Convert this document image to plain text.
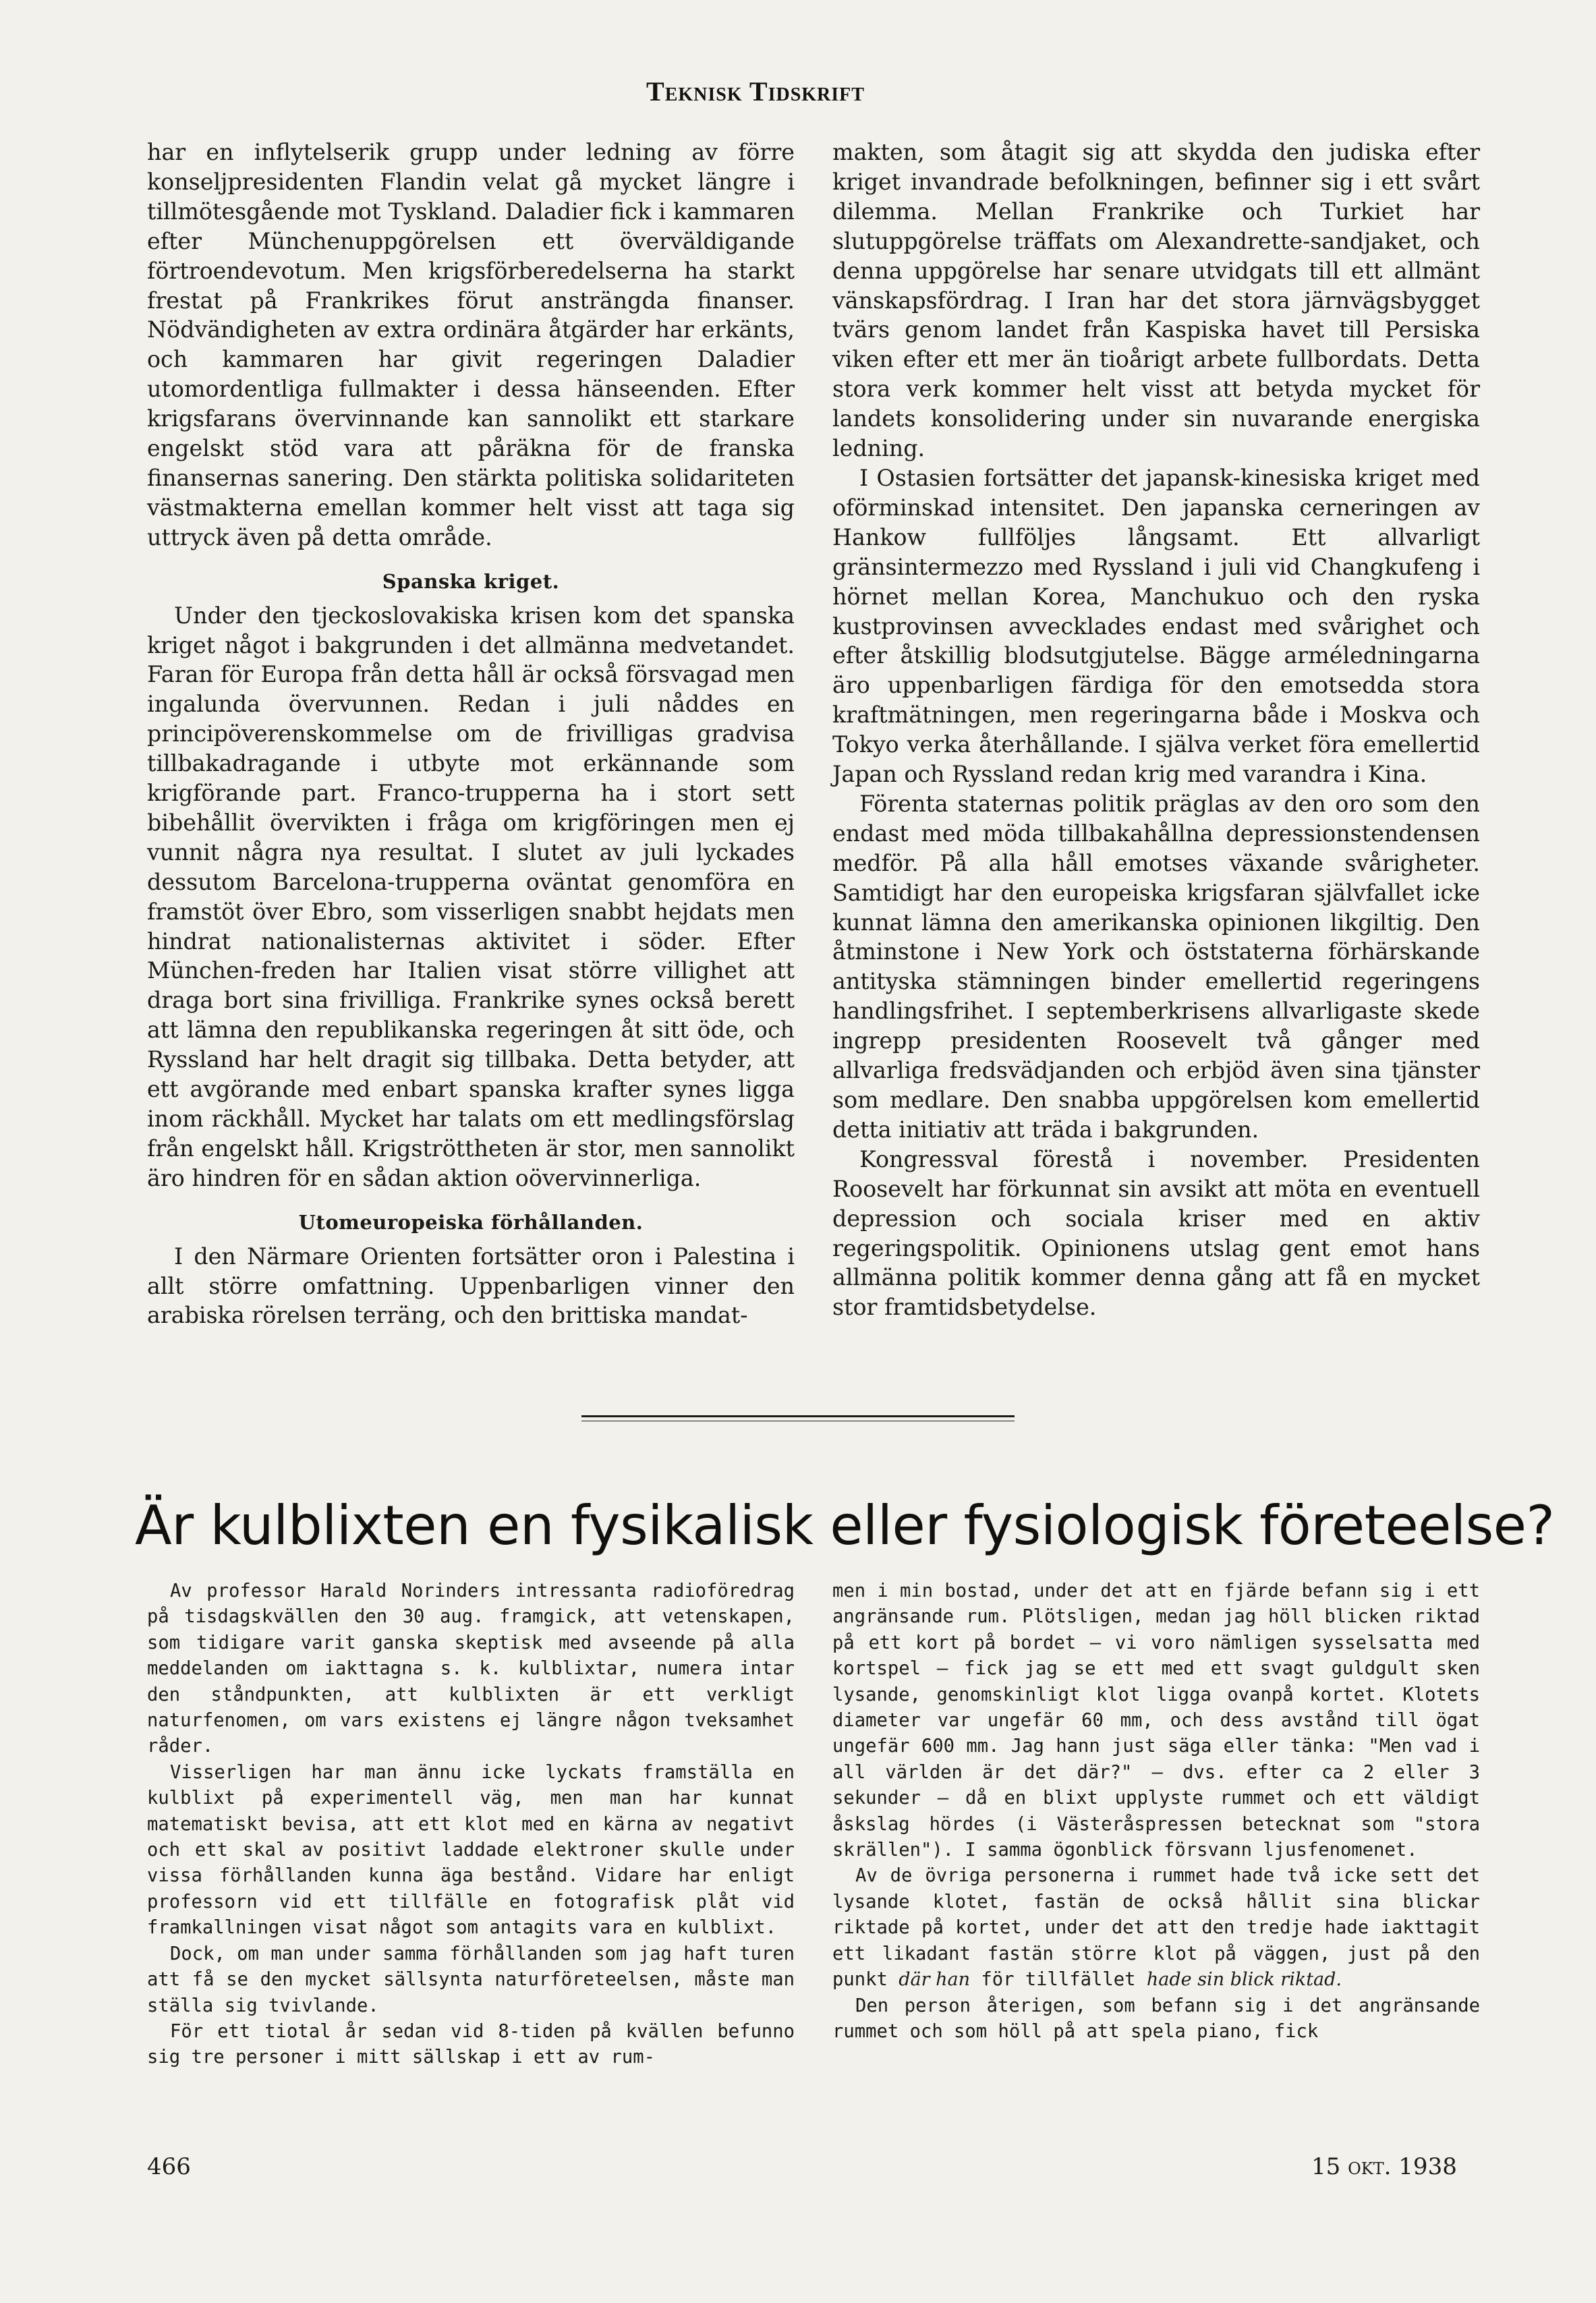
Teknisk Tidskrift

har en inflytelserik grupp under ledning av förre konseljpresidenten Flandin velat gå mycket längre i tillmötesgående mot Tyskland. Daladier fick i kammaren efter Münchenuppgörelsen ett överväldigande förtroendevotum. Men krigsförberedelserna ha starkt frestat på Frankrikes förut ansträngda finanser. Nödvändigheten av extra ordinära åtgärder har erkänts, och kammaren har givit regeringen Daladier utomordentliga fullmakter i dessa hänseenden. Efter krigsfarans övervinnande kan sannolikt ett starkare engelskt stöd vara att påräkna för de franska finansernas sanering. Den stärkta politiska solidariteten västmakterna emellan kommer helt visst att taga sig uttryck även på detta område.

Spanska kriget.

Under den tjeckoslovakiska krisen kom det spanska kriget något i bakgrunden i det allmänna medvetandet. Faran för Europa från detta håll är också försvagad men ingalunda övervunnen. Redan i juli nåddes en principöverenskommelse om de frivilligas gradvisa tillbakadragande i utbyte mot erkännande som krigförande part. Franco-trupperna ha i stort sett bibehållit övervikten i fråga om krigföringen men ej vunnit några nya resultat. I slutet av juli lyckades dessutom Barcelona-trupperna oväntat genomföra en framstöt över Ebro, som visserligen snabbt hejdats men hindrat nationalisternas aktivitet i söder. Efter München-freden har Italien visat större villighet att draga bort sina frivilliga. Frankrike synes också berett att lämna den republikanska regeringen åt sitt öde, och Ryssland har helt dragit sig tillbaka. Detta betyder, att ett avgörande med enbart spanska krafter synes ligga inom räckhåll. Mycket har talats om ett medlingsförslag från engelskt håll. Krigströttheten är stor, men sannolikt äro hindren för en sådan aktion oövervinnerliga.

Utomeuropeiska förhållanden.

I den Närmare Orienten fortsätter oron i Palestina i allt större omfattning. Uppenbarligen vinner den arabiska rörelsen terräng, och den brittiska mandat-

makten, som åtagit sig att skydda den judiska efter kriget invandrade befolkningen, befinner sig i ett svårt dilemma. Mellan Frankrike och Turkiet har slutuppgörelse träffats om Alexandrette-sandjaket, och denna uppgörelse har senare utvidgats till ett allmänt vänskapsfördrag. I Iran har det stora järnvägsbygget tvärs genom landet från Kaspiska havet till Persiska viken efter ett mer än tioårigt arbete fullbordats. Detta stora verk kommer helt visst att betyda mycket för landets konsolidering under sin nuvarande energiska ledning.

I Ostasien fortsätter det japansk-kinesiska kriget med oförminskad intensitet. Den japanska cerneringen av Hankow fullföljes långsamt. Ett allvarligt gränsintermezzo med Ryssland i juli vid Changkufeng i hörnet mellan Korea, Manchukuo och den ryska kustprovinsen avvecklades endast med svårighet och efter åtskillig blodsutgjutelse. Bägge arméledningarna äro uppenbarligen färdiga för den emotsedda stora kraftmätningen, men regeringarna både i Moskva och Tokyo verka återhållande. I själva verket föra emellertid Japan och Ryssland redan krig med varandra i Kina.

Förenta staternas politik präglas av den oro som den endast med möda tillbakahållna depressionstendensen medför. På alla håll emotses växande svårigheter. Samtidigt har den europeiska krigsfaran självfallet icke kunnat lämna den amerikanska opinionen likgiltig. Den åtminstone i New York och öststaterna förhärskande antityska stämningen binder emellertid regeringens handlingsfrihet. I septemberkrisens allvarligaste skede ingrepp presidenten Roosevelt två gånger med allvarliga fredsvädjanden och erbjöd även sina tjänster som medlare. Den snabba uppgörelsen kom emellertid detta initiativ att träda i bakgrunden.

Kongressval förestå i november. Presidenten Roosevelt har förkunnat sin avsikt att möta en eventuell depression och sociala kriser med en aktiv regeringspolitik. Opinionens utslag gent emot hans allmänna politik kommer denna gång att få en mycket stor framtidsbetydelse.

Är kulblixten en fysikalisk eller fysiologisk företeelse?

Av professor Harald Norinders intressanta radioföredrag på tisdagskvällen den 30 aug. framgick, att vetenskapen, som tidigare varit ganska skeptisk med avseende på alla meddelanden om iakttagna s. k. kulblixtar, numera intar den ståndpunkten, att kulblixten är ett verkligt naturfenomen, om vars existens ej längre någon tveksamhet råder.

Visserligen har man ännu icke lyckats framställa en kulblixt på experimentell väg, men man har kunnat matematiskt bevisa, att ett klot med en kärna av negativt och ett skal av positivt laddade elektroner skulle under vissa förhållanden kunna äga bestånd. Vidare har enligt professorn vid ett tillfälle en fotografisk plåt vid framkallningen visat något som antagits vara en kulblixt.

Dock, om man under samma förhållanden som jag haft turen att få se den mycket sällsynta naturföreteelsen, måste man ställa sig tvivlande.

För ett tiotal år sedan vid 8-tiden på kvällen befunno sig tre personer i mitt sällskap i ett av rum-

men i min bostad, under det att en fjärde befann sig i ett angränsande rum. Plötsligen, medan jag höll blicken riktad på ett kort på bordet — vi voro nämligen sysselsatta med kortspel — fick jag se ett med ett svagt guldgult sken lysande, genomskinligt klot ligga ovanpå kortet. Klotets diameter var ungefär 60 mm, och dess avstånd till ögat ungefär 600 mm. Jag hann just säga eller tänka: "Men vad i all världen är det där?" — dvs. efter ca 2 eller 3 sekunder — då en blixt upplyste rummet och ett väldigt åskslag hördes (i Västeråspressen betecknat som "stora skrällen"). I samma ögonblick försvann ljusfenomenet.

Av de övriga personerna i rummet hade två icke sett det lysande klotet, fastän de också hållit sina blickar riktade på kortet, under det att den tredje hade iakttagit ett likadant fastän större klot på väggen, just på den punkt där han för tillfället hade sin blick riktad.

Den person återigen, som befann sig i det angränsande rummet och som höll på att spela piano, fick

466	15 okt. 1938
